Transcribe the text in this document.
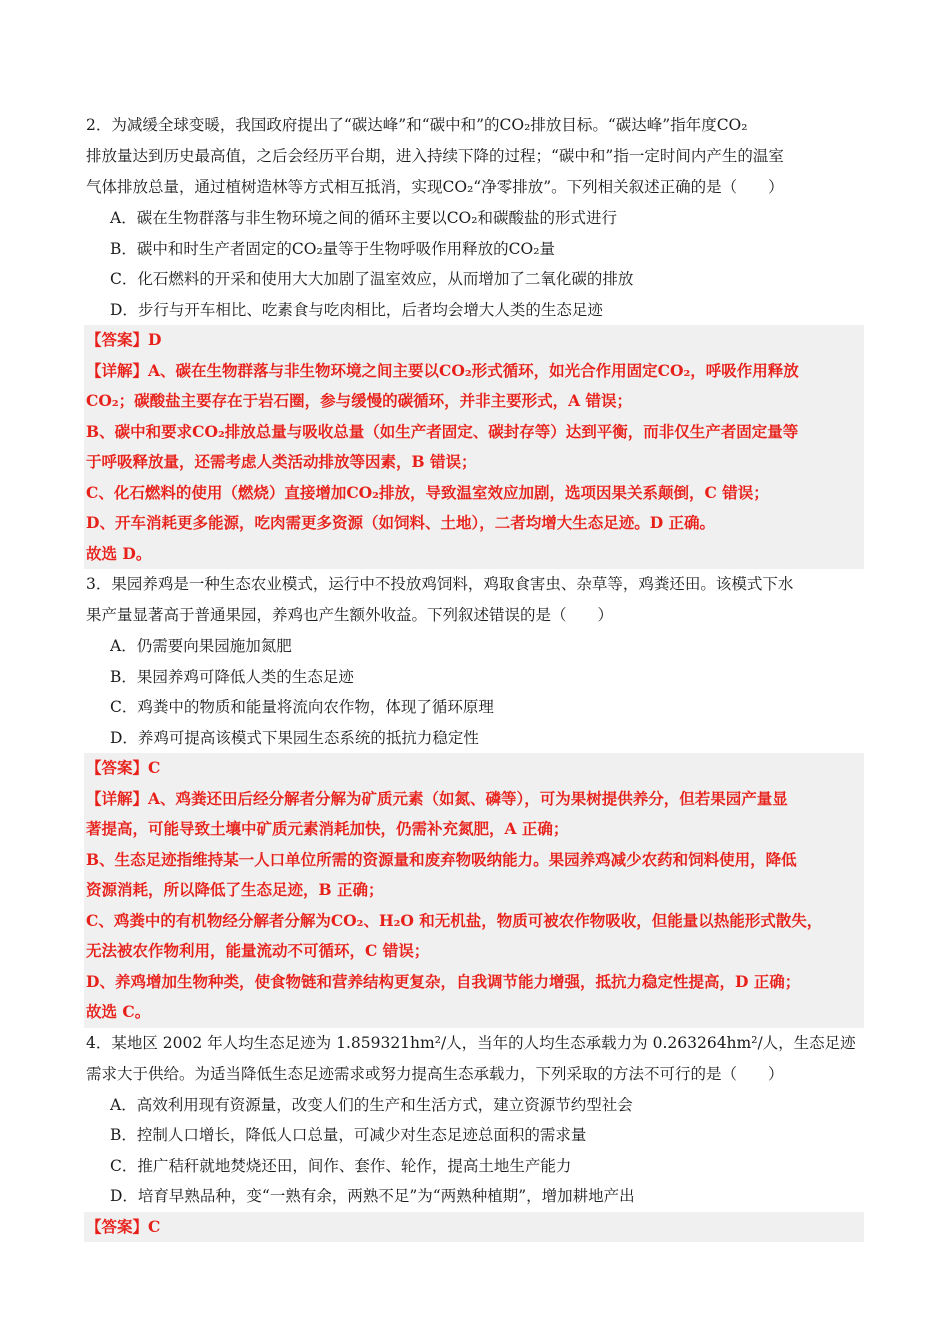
2．为减缓全球变暖，我国政府提出了“碳达峰”和“碳中和”的CO₂排放目标。“碳达峰”指年度CO₂
排放量达到历史最高值，之后会经历平台期，进入持续下降的过程；“碳中和”指一定时间内产生的温室
气体排放总量，通过植树造林等方式相互抵消，实现CO₂“净零排放”。下列相关叙述正确的是（　　）
A．碳在生物群落与非生物环境之间的循环主要以CO₂和碳酸盐的形式进行
B．碳中和时生产者固定的CO₂量等于生物呼吸作用释放的CO₂量
C．化石燃料的开采和使用大大加剧了温室效应，从而增加了二氧化碳的排放
D．步行与开车相比、吃素食与吃肉相比，后者均会增大人类的生态足迹
【答案】D
【详解】A、碳在生物群落与非生物环境之间主要以CO₂形式循环，如光合作用固定CO₂，呼吸作用释放
CO₂；碳酸盐主要存在于岩石圈，参与缓慢的碳循环，并非主要形式，A 错误；
B、碳中和要求CO₂排放总量与吸收总量（如生产者固定、碳封存等）达到平衡，而非仅生产者固定量等
于呼吸释放量，还需考虑人类活动排放等因素，B 错误；
C、化石燃料的使用（燃烧）直接增加CO₂排放，导致温室效应加剧，选项因果关系颠倒，C 错误；
D、开车消耗更多能源，吃肉需更多资源（如饲料、土地），二者均增大生态足迹。D 正确。
故选 D。
3．果园养鸡是一种生态农业模式，运行中不投放鸡饲料，鸡取食害虫、杂草等，鸡粪还田。该模式下水
果产量显著高于普通果园，养鸡也产生额外收益。下列叙述错误的是（　　）
A．仍需要向果园施加氮肥
B．果园养鸡可降低人类的生态足迹
C．鸡粪中的物质和能量将流向农作物，体现了循环原理
D．养鸡可提高该模式下果园生态系统的抵抗力稳定性
【答案】C
【详解】A、鸡粪还田后经分解者分解为矿质元素（如氮、磷等），可为果树提供养分，但若果园产量显
著提高，可能导致土壤中矿质元素消耗加快，仍需补充氮肥，A 正确；
B、生态足迹指维持某一人口单位所需的资源量和废弃物吸纳能力。果园养鸡减少农药和饲料使用，降低
资源消耗，所以降低了生态足迹，B 正确；
C、鸡粪中的有机物经分解者分解为CO₂、H₂O 和无机盐，物质可被农作物吸收，但能量以热能形式散失，
无法被农作物利用，能量流动不可循环，C 错误；
D、养鸡增加生物种类，使食物链和营养结构更复杂，自我调节能力增强，抵抗力稳定性提高，D 正确；
故选 C。
4．某地区 2002 年人均生态足迹为 1.859321hm²/人，当年的人均生态承载力为 0.263264hm²/人，生态足迹
需求大于供给。为适当降低生态足迹需求或努力提高生态承载力，下列采取的方法不可行的是（　　）
A．高效利用现有资源量，改变人们的生产和生活方式，建立资源节约型社会
B．控制人口增长，降低人口总量，可减少对生态足迹总面积的需求量
C．推广秸秆就地焚烧还田，间作、套作、轮作，提高土地生产能力
D．培育早熟品种，变“一熟有余，两熟不足”为“两熟种植期”，增加耕地产出
【答案】C
